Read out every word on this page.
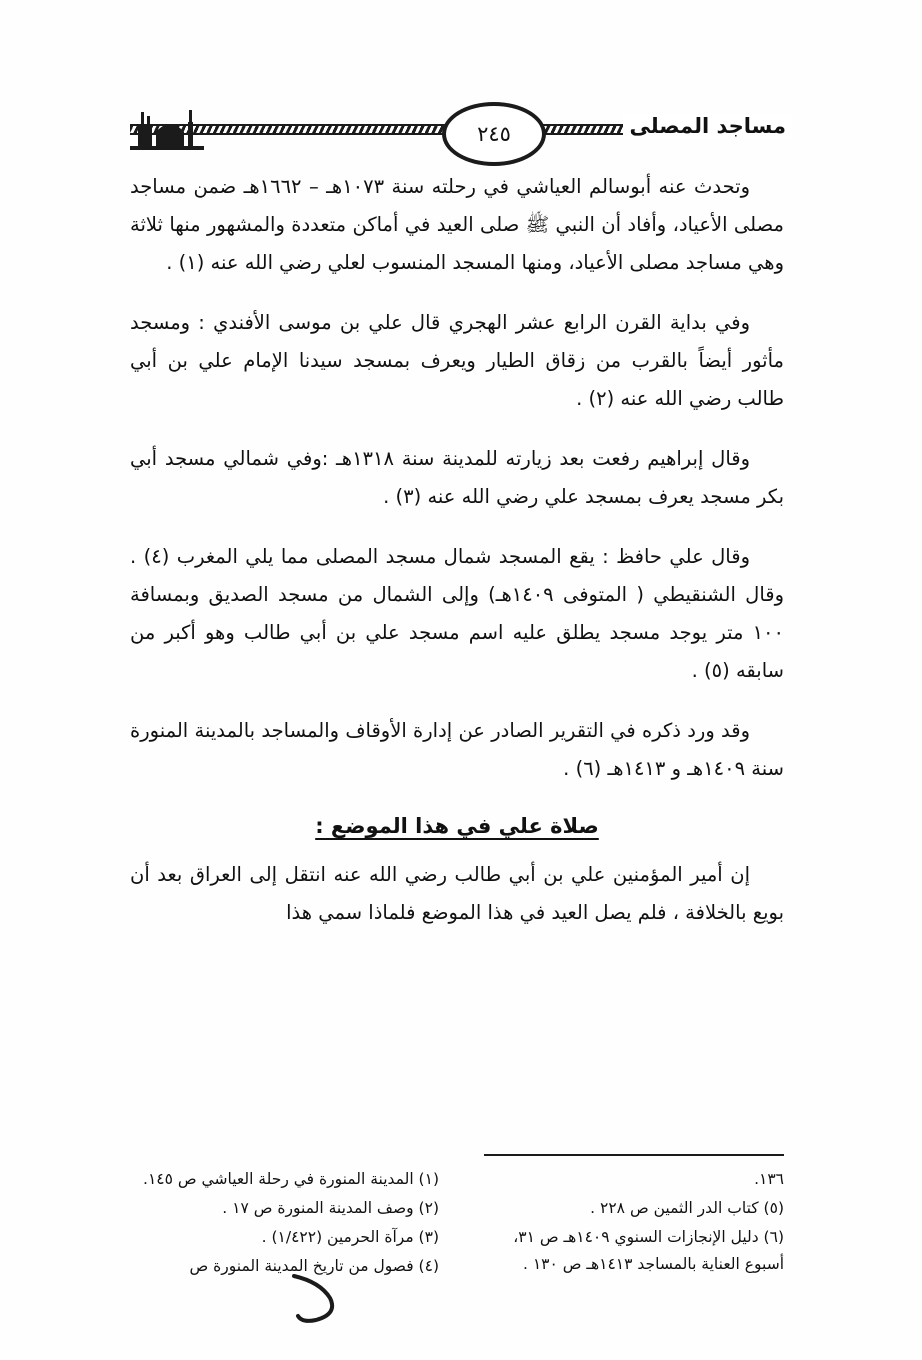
مساجد المصلى
٢٤٥

وتحدث عنه أبوسالم العياشي في رحلته سنة ١٠٧٣هـ – ١٦٦٢هـ ضمن مساجد مصلى الأعياد، وأفاد أن النبي ﷺ صلى العيد في أماكن متعددة والمشهور منها ثلاثة وهي مساجد مصلى الأعياد، ومنها المسجد المنسوب لعلي رضي الله عنه (١) .

وفي بداية القرن الرابع عشر الهجري قال علي بن موسى الأفندي : ومسجد مأثور أيضاً بالقرب من زقاق الطيار ويعرف بمسجد سيدنا الإمام علي بن أبي طالب رضي الله عنه (٢) .

وقال إبراهيم رفعت بعد زيارته للمدينة سنة ١٣١٨هـ :وفي شمالي مسجد أبي بكر مسجد يعرف بمسجد علي رضي الله عنه (٣) .

وقال علي حافظ : يقع المسجد شمال مسجد المصلى مما يلي المغرب (٤) . وقال الشنقيطي ( المتوفى ١٤٠٩هـ) وإلى الشمال من مسجد الصديق وبمسافة ١٠٠ متر يوجد مسجد يطلق عليه اسم مسجد علي بن أبي طالب وهو أكبر من سابقه (٥) .

وقد ورد ذكره في التقرير الصادر عن إدارة الأوقاف والمساجد بالمدينة المنورة سنة ١٤٠٩هـ و ١٤١٣هـ (٦) .

صلاة علي في هذا الموضع :

إن أمير المؤمنين علي بن أبي طالب رضي الله عنه انتقل إلى العراق بعد أن بويع بالخلافة ، فلم يصل العيد في هذا الموضع فلماذا سمي هذا

١٣٦.

(٥) كتاب الدر الثمين ص ٢٢٨ .

(٦) دليل الإنجازات السنوي ١٤٠٩هـ ص ٣١، أسبوع العناية بالمساجد ١٤١٣هـ ص ١٣٠ .

(١) المدينة المنورة في رحلة العياشي ص ١٤٥.

(٢) وصف المدينة المنورة ص ١٧ .

(٣) مرآة الحرمين (١/٤٢٢) .

(٤) فصول من تاريخ المدينة المنورة ص
